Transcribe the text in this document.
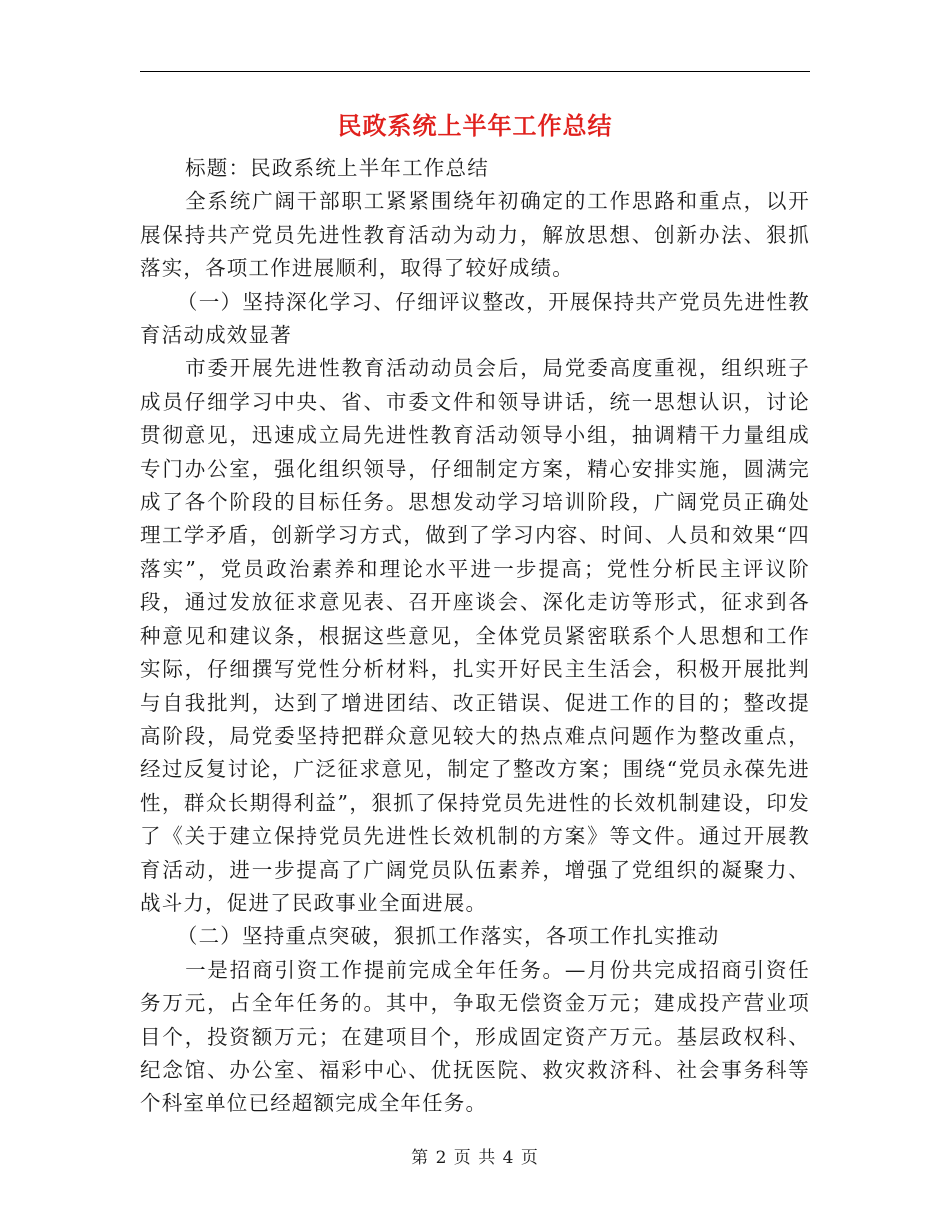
民政系统上半年工作总结

标题：民政系统上半年工作总结

全系统广阔干部职工紧紧围绕年初确定的工作思路和重点，以开展保持共产党员先进性教育活动为动力，解放思想、创新办法、狠抓落实，各项工作进展顺利，取得了较好成绩。

（一）坚持深化学习、仔细评议整改，开展保持共产党员先进性教育活动成效显著

市委开展先进性教育活动动员会后，局党委高度重视，组织班子成员仔细学习中央、省、市委文件和领导讲话，统一思想认识，讨论贯彻意见，迅速成立局先进性教育活动领导小组，抽调精干力量组成专门办公室，强化组织领导，仔细制定方案，精心安排实施，圆满完成了各个阶段的目标任务。思想发动学习培训阶段，广阔党员正确处理工学矛盾，创新学习方式，做到了学习内容、时间、人员和效果“四落实”，党员政治素养和理论水平进一步提高；党性分析民主评议阶段，通过发放征求意见表、召开座谈会、深化走访等形式，征求到各种意见和建议条，根据这些意见，全体党员紧密联系个人思想和工作实际，仔细撰写党性分析材料，扎实开好民主生活会，积极开展批判与自我批判，达到了增进团结、改正错误、促进工作的目的；整改提高阶段，局党委坚持把群众意见较大的热点难点问题作为整改重点，经过反复讨论，广泛征求意见，制定了整改方案；围绕“党员永葆先进性，群众长期得利益”，狠抓了保持党员先进性的长效机制建设，印发了《关于建立保持党员先进性长效机制的方案》等文件。通过开展教育活动，进一步提高了广阔党员队伍素养，增强了党组织的凝聚力、战斗力，促进了民政事业全面进展。

（二）坚持重点突破，狠抓工作落实，各项工作扎实推动

一是招商引资工作提前完成全年任务。—月份共完成招商引资任务万元，占全年任务的。其中，争取无偿资金万元；建成投产营业项目个，投资额万元；在建项目个，形成固定资产万元。基层政权科、纪念馆、办公室、福彩中心、优抚医院、救灾救济科、社会事务科等个科室单位已经超额完成全年任务。

第 2 页 共 4 页
